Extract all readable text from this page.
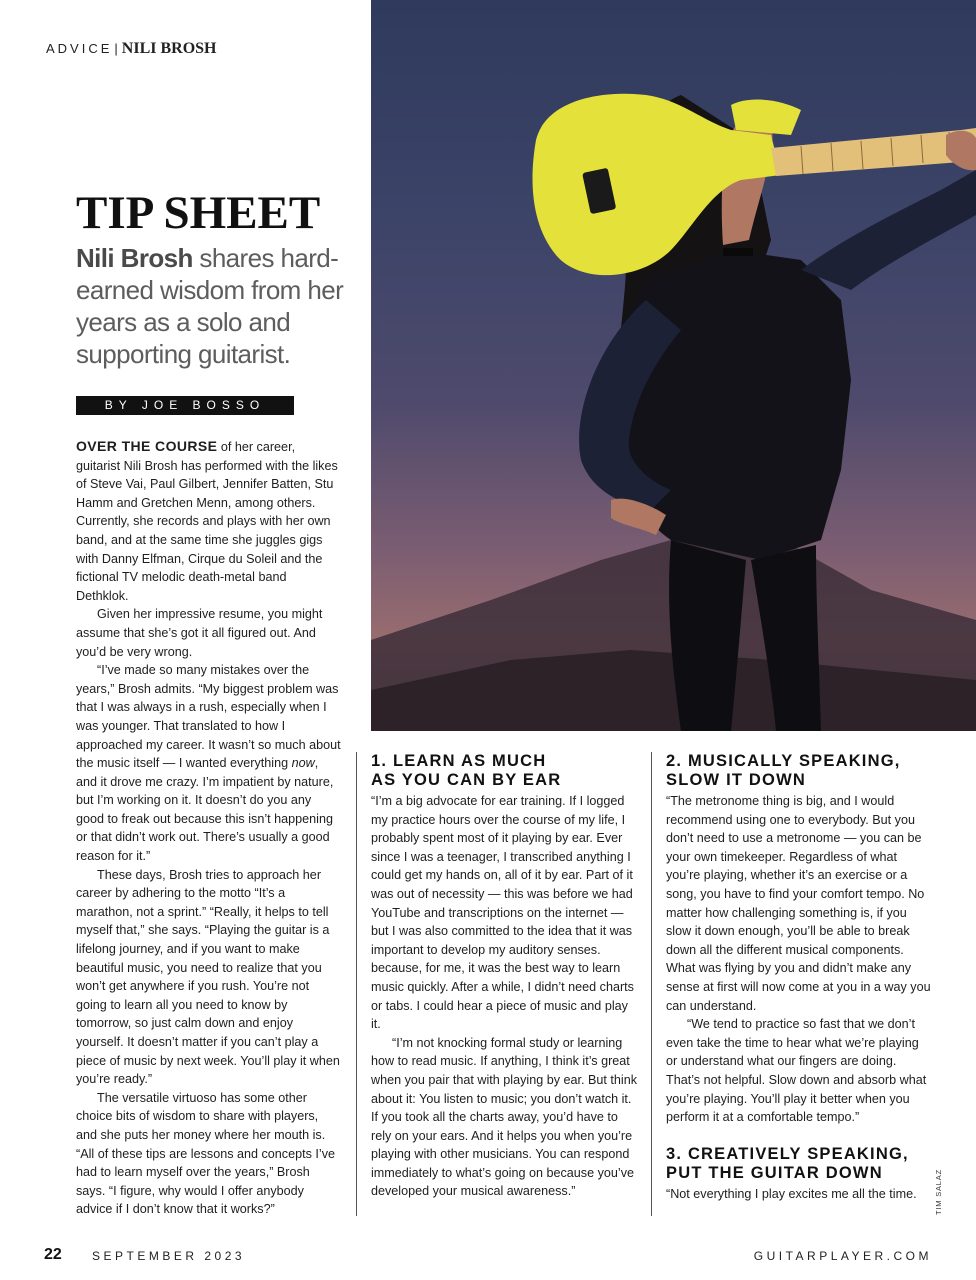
ADVICE | NILI BROSH
TIP SHEET
Nili Brosh shares hard-earned wisdom from her years as a solo and supporting guitarist.
BY JOE BOSSO

OVER THE COURSE of her career, guitarist Nili Brosh has performed with the likes of Steve Vai, Paul Gilbert, Jennifer Batten, Stu Hamm and Gretchen Menn, among others. Currently, she records and plays with her own band, and at the same time she juggles gigs with Danny Elfman, Cirque du Soleil and the fictional TV melodic death-metal band Dethklok.

Given her impressive resume, you might assume that she’s got it all figured out. And you’d be very wrong.

“I’ve made so many mistakes over the years,” Brosh admits. “My biggest problem was that I was always in a rush, especially when I was younger. That translated to how I approached my career. It wasn’t so much about the music itself — I wanted everything now, and it drove me crazy. I’m impatient by nature, but I’m working on it. It doesn’t do you any good to freak out because this isn’t happening or that didn’t work out. There’s usually a good reason for it.”

These days, Brosh tries to approach her career by adhering to the motto “It’s a marathon, not a sprint.” “Really, it helps to tell myself that,” she says. “Playing the guitar is a lifelong journey, and if you want to make beautiful music, you need to realize that you won’t get anywhere if you rush. You’re not going to learn all you need to know by tomorrow, so just calm down and enjoy yourself. It doesn’t matter if you can’t play a piece of music by next week. You’ll play it when you’re ready.”

The versatile virtuoso has some other choice bits of wisdom to share with players, and she puts her money where her mouth is. “All of these tips are lessons and concepts I’ve had to learn myself over the years,” Brosh says. “I figure, why would I offer anybody advice if I don’t know that it works?”

1. LEARN AS MUCH
AS YOU CAN BY EAR

“I’m a big advocate for ear training. If I logged my practice hours over the course of my life, I probably spent most of it playing by ear. Ever since I was a teenager, I transcribed anything I could get my hands on, all of it by ear. Part of it was out of necessity — this was before we had YouTube and transcriptions on the internet — but I was also committed to the idea that it was important to develop my auditory senses. because, for me, it was the best way to learn music quickly. After a while, I didn’t need charts or tabs. I could hear a piece of music and play it.

“I’m not knocking formal study or learning how to read music. If anything, I think it’s great when you pair that with playing by ear. But think about it: You listen to music; you don’t watch it. If you took all the charts away, you’d have to rely on your ears. And it helps you when you’re playing with other musicians. You can respond immediately to what’s going on because you’ve developed your musical awareness.”

2. MUSICALLY SPEAKING,
SLOW IT DOWN

“The metronome thing is big, and I would recommend using one to everybody. But you don’t need to use a metronome — you can be your own timekeeper. Regardless of what you’re playing, whether it’s an exercise or a song, you have to find your comfort tempo. No matter how challenging something is, if you slow it down enough, you’ll be able to break down all the different musical components. What was flying by you and didn’t make any sense at first will now come at you in a way you can understand.

“We tend to practice so fast that we don’t even take the time to hear what we’re playing or understand what our fingers are doing. That’s not helpful. Slow down and absorb what you’re playing. You’ll play it better when you perform it at a comfortable tempo.”

3. CREATIVELY SPEAKING,
PUT THE GUITAR DOWN

“Not everything I play excites me all the time.	TIM SALAZ
22	SEPTEMBER 2023	GUITARPLAYER.COM
